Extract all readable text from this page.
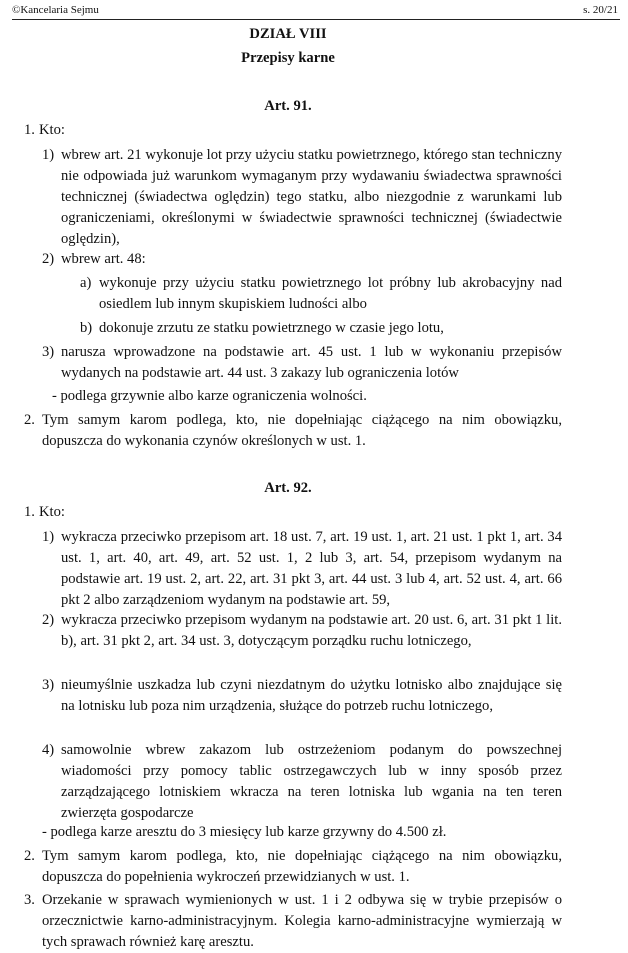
©Kancelaria Sejmu	s. 20/21
DZIAŁ VIII
Przepisy karne
Art. 91.
1. Kto:
1) wbrew art. 21 wykonuje lot przy użyciu statku powietrznego, którego stan techniczny nie odpowiada już warunkom wymaganym przy wydawaniu świadectwa sprawności technicznej (świadectwa oględzin) tego statku, albo niezgodnie z warunkami lub ograniczeniami, określonymi w świadectwie sprawności technicznej (świadectwie oględzin),
2) wbrew art. 48:
a) wykonuje przy użyciu statku powietrznego lot próbny lub akrobacyjny nad osiedlem lub innym skupiskiem ludności albo
b) dokonuje zrzutu ze statku powietrznego w czasie jego lotu,
3) narusza wprowadzone na podstawie art. 45 ust. 1 lub w wykonaniu przepisów wydanych na podstawie art. 44 ust. 3 zakazy lub ograniczenia lotów
- podlega grzywnie albo karze ograniczenia wolności.
2. Tym samym karom podlega, kto, nie dopełniając ciążącego na nim obowiązku, dopuszcza do wykonania czynów określonych w ust. 1.
Art. 92.
1. Kto:
1) wykracza przeciwko przepisom art. 18 ust. 7, art. 19 ust. 1, art. 21 ust. 1 pkt 1, art. 34 ust. 1, art. 40, art. 49, art. 52 ust. 1, 2 lub 3, art. 54, przepisom wydanym na podstawie art. 19 ust. 2, art. 22, art. 31 pkt 3, art. 44 ust. 3 lub 4, art. 52 ust. 4, art. 66 pkt 2 albo zarządzeniom wydanym na podstawie art. 59,
2) wykracza przeciwko przepisom wydanym na podstawie art. 20 ust. 6, art. 31 pkt 1 lit. b), art. 31 pkt 2, art. 34 ust. 3, dotyczącym porządku ruchu lotniczego,
3) nieumyślnie uszkadza lub czyni niezdatnym do użytku lotnisko albo znajdujące się na lotnisku lub poza nim urządzenia, służące do potrzeb ruchu lotniczego,
4) samowolnie wbrew zakazom lub ostrzeżeniom podanym do powszechnej wiadomości przy pomocy tablic ostrzegawczych lub w inny sposób przez zarządzającego lotniskiem wkracza na teren lotniska lub wgania na ten teren zwierzęta gospodarcze
- podlega karze aresztu do 3 miesięcy lub karze grzywny do 4.500 zł.
2. Tym samym karom podlega, kto, nie dopełniając ciążącego na nim obowiązku, dopuszcza do popełnienia wykroczeń przewidzianych w ust. 1.
3. Orzekanie w sprawach wymienionych w ust. 1 i 2 odbywa się w trybie przepisów o orzecznictwie karno-administracyjnym. Kolegia karno-administracyjne wymierzają w tych sprawach również karę aresztu.
